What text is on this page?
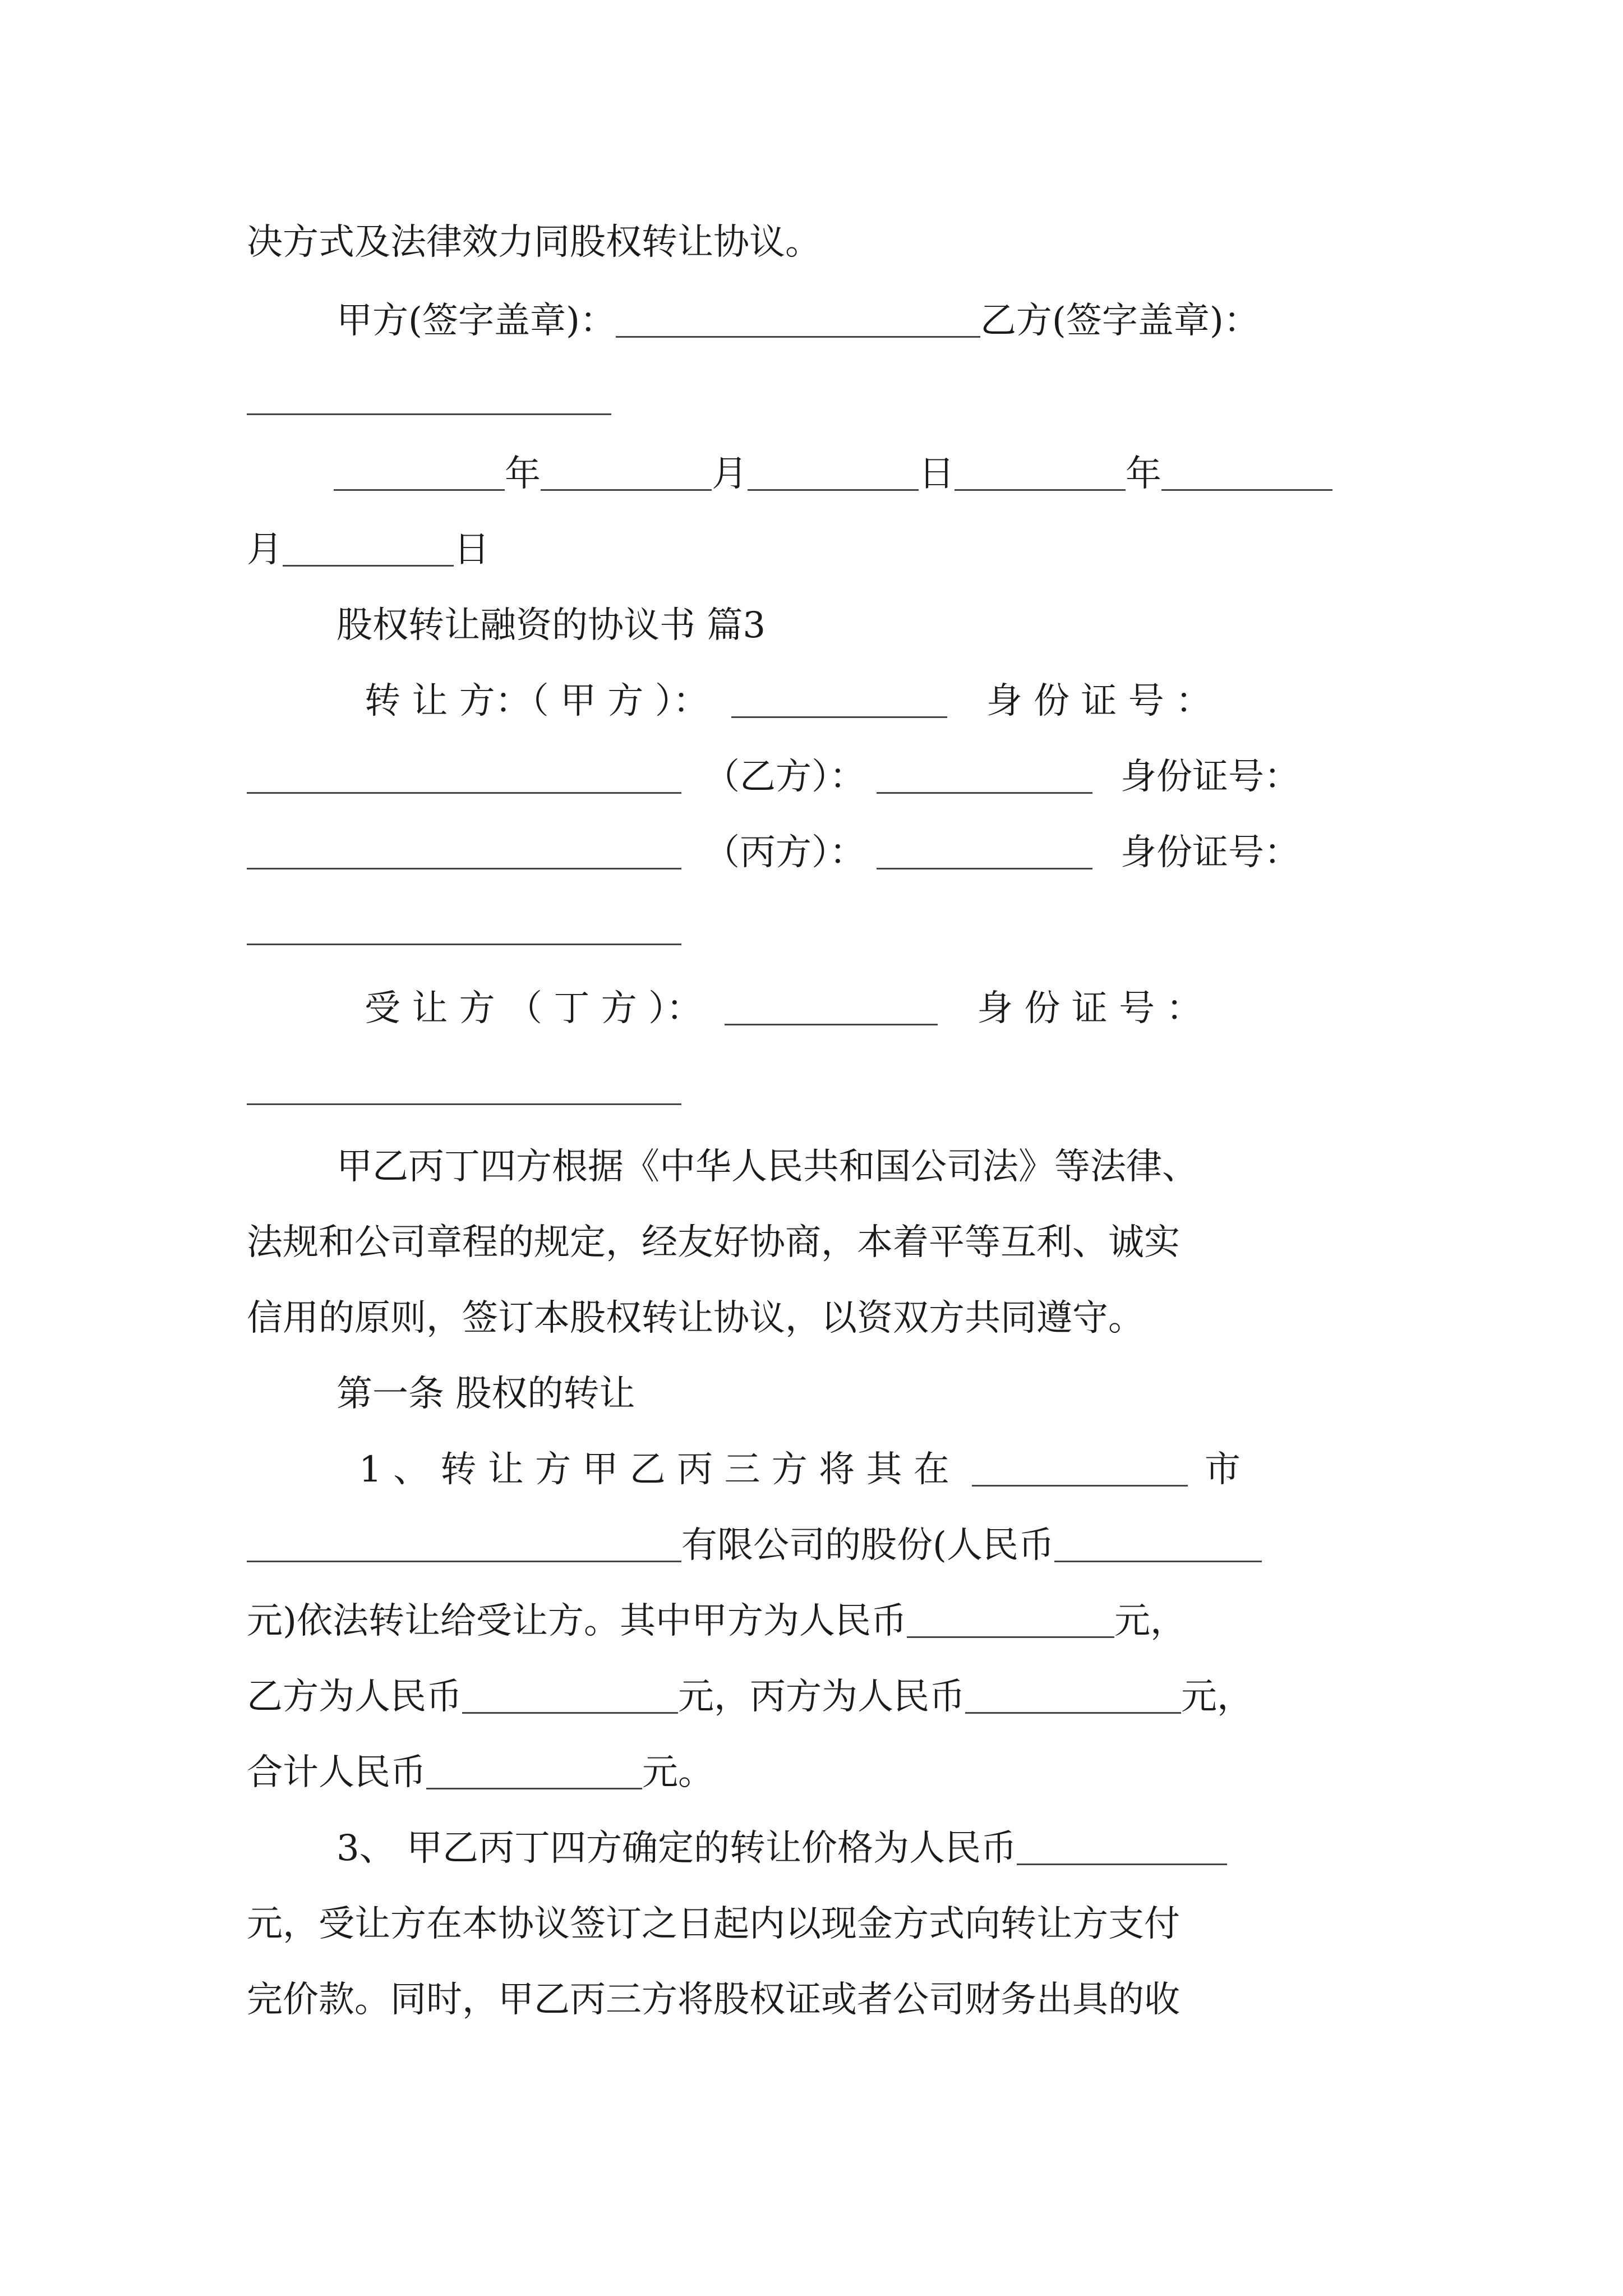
决方式及法律效力同股权转让协议。
甲方(签字盖章)：	乙方(签字盖章)：
年	月	日	年
月	日
股权转让融资的协议书 篇3
转 让 方：（ 甲 方 ）：	身 份 证 号 ：
（乙方）：	身份证号：
（丙方）：	身份证号：
受 让 方 （ 丁 方 ）：	身 份 证 号 ：
甲乙丙丁四方根据《中华人民共和国公司法》等法律、
法规和公司章程的规定，经友好协商，本着平等互利、诚实
信用的原则，签订本股权转让协议，以资双方共同遵守。
第一条 股权的转让
1 、 转 让 方 甲 乙 丙 三 方 将 其 在	市
有限公司的股份(人民币
元)依法转让给受让方。其中甲方为人民币	元，
乙方为人民币	元，丙方为人民币	元，
合计人民币	元。
3、 甲乙丙丁四方确定的转让价格为人民币
元，受让方在本协议签订之日起内以现金方式向转让方支付
完价款。同时，甲乙丙三方将股权证或者公司财务出具的收
